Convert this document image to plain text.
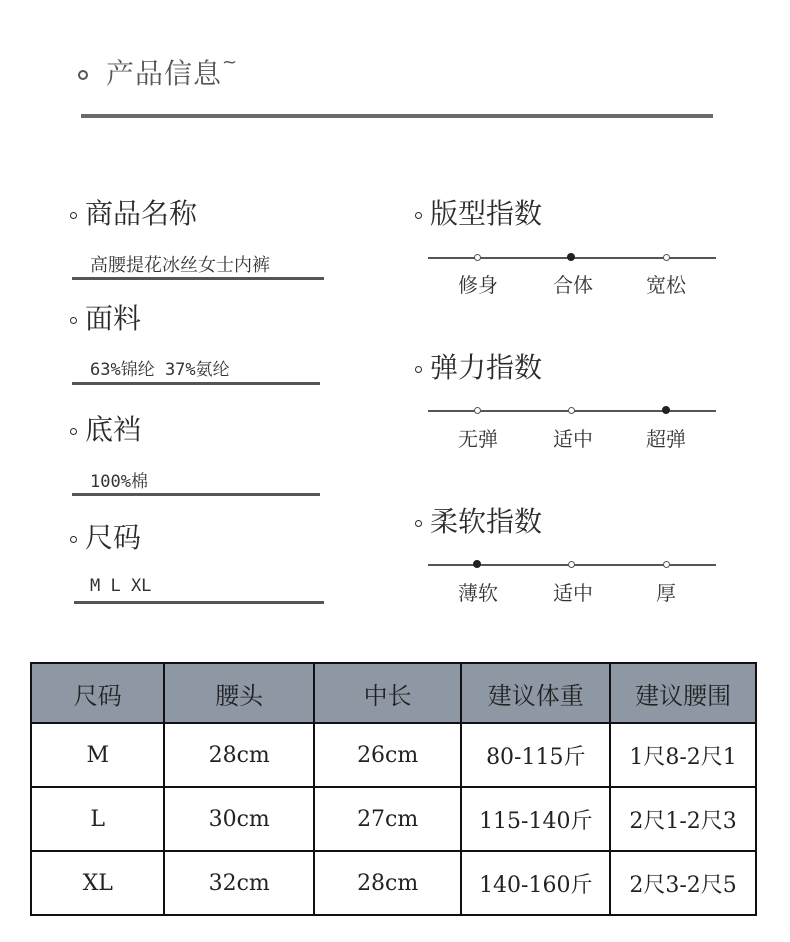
产品信息~
商品名称
高腰提花冰丝女士内裤
面料
63%锦纶 37%氨纶
底裆
100%棉
尺码
M L XL
版型指数
修身	合体	宽松
弹力指数
无弹	适中	超弹
柔软指数
薄软	适中	厚
尺码	腰头	中长	建议体重	建议腰围
M	28cm	26cm	80-115斤	1尺8-2尺1
L	30cm	27cm	115-140斤	2尺1-2尺3
XL	32cm	28cm	140-160斤	2尺3-2尺5
